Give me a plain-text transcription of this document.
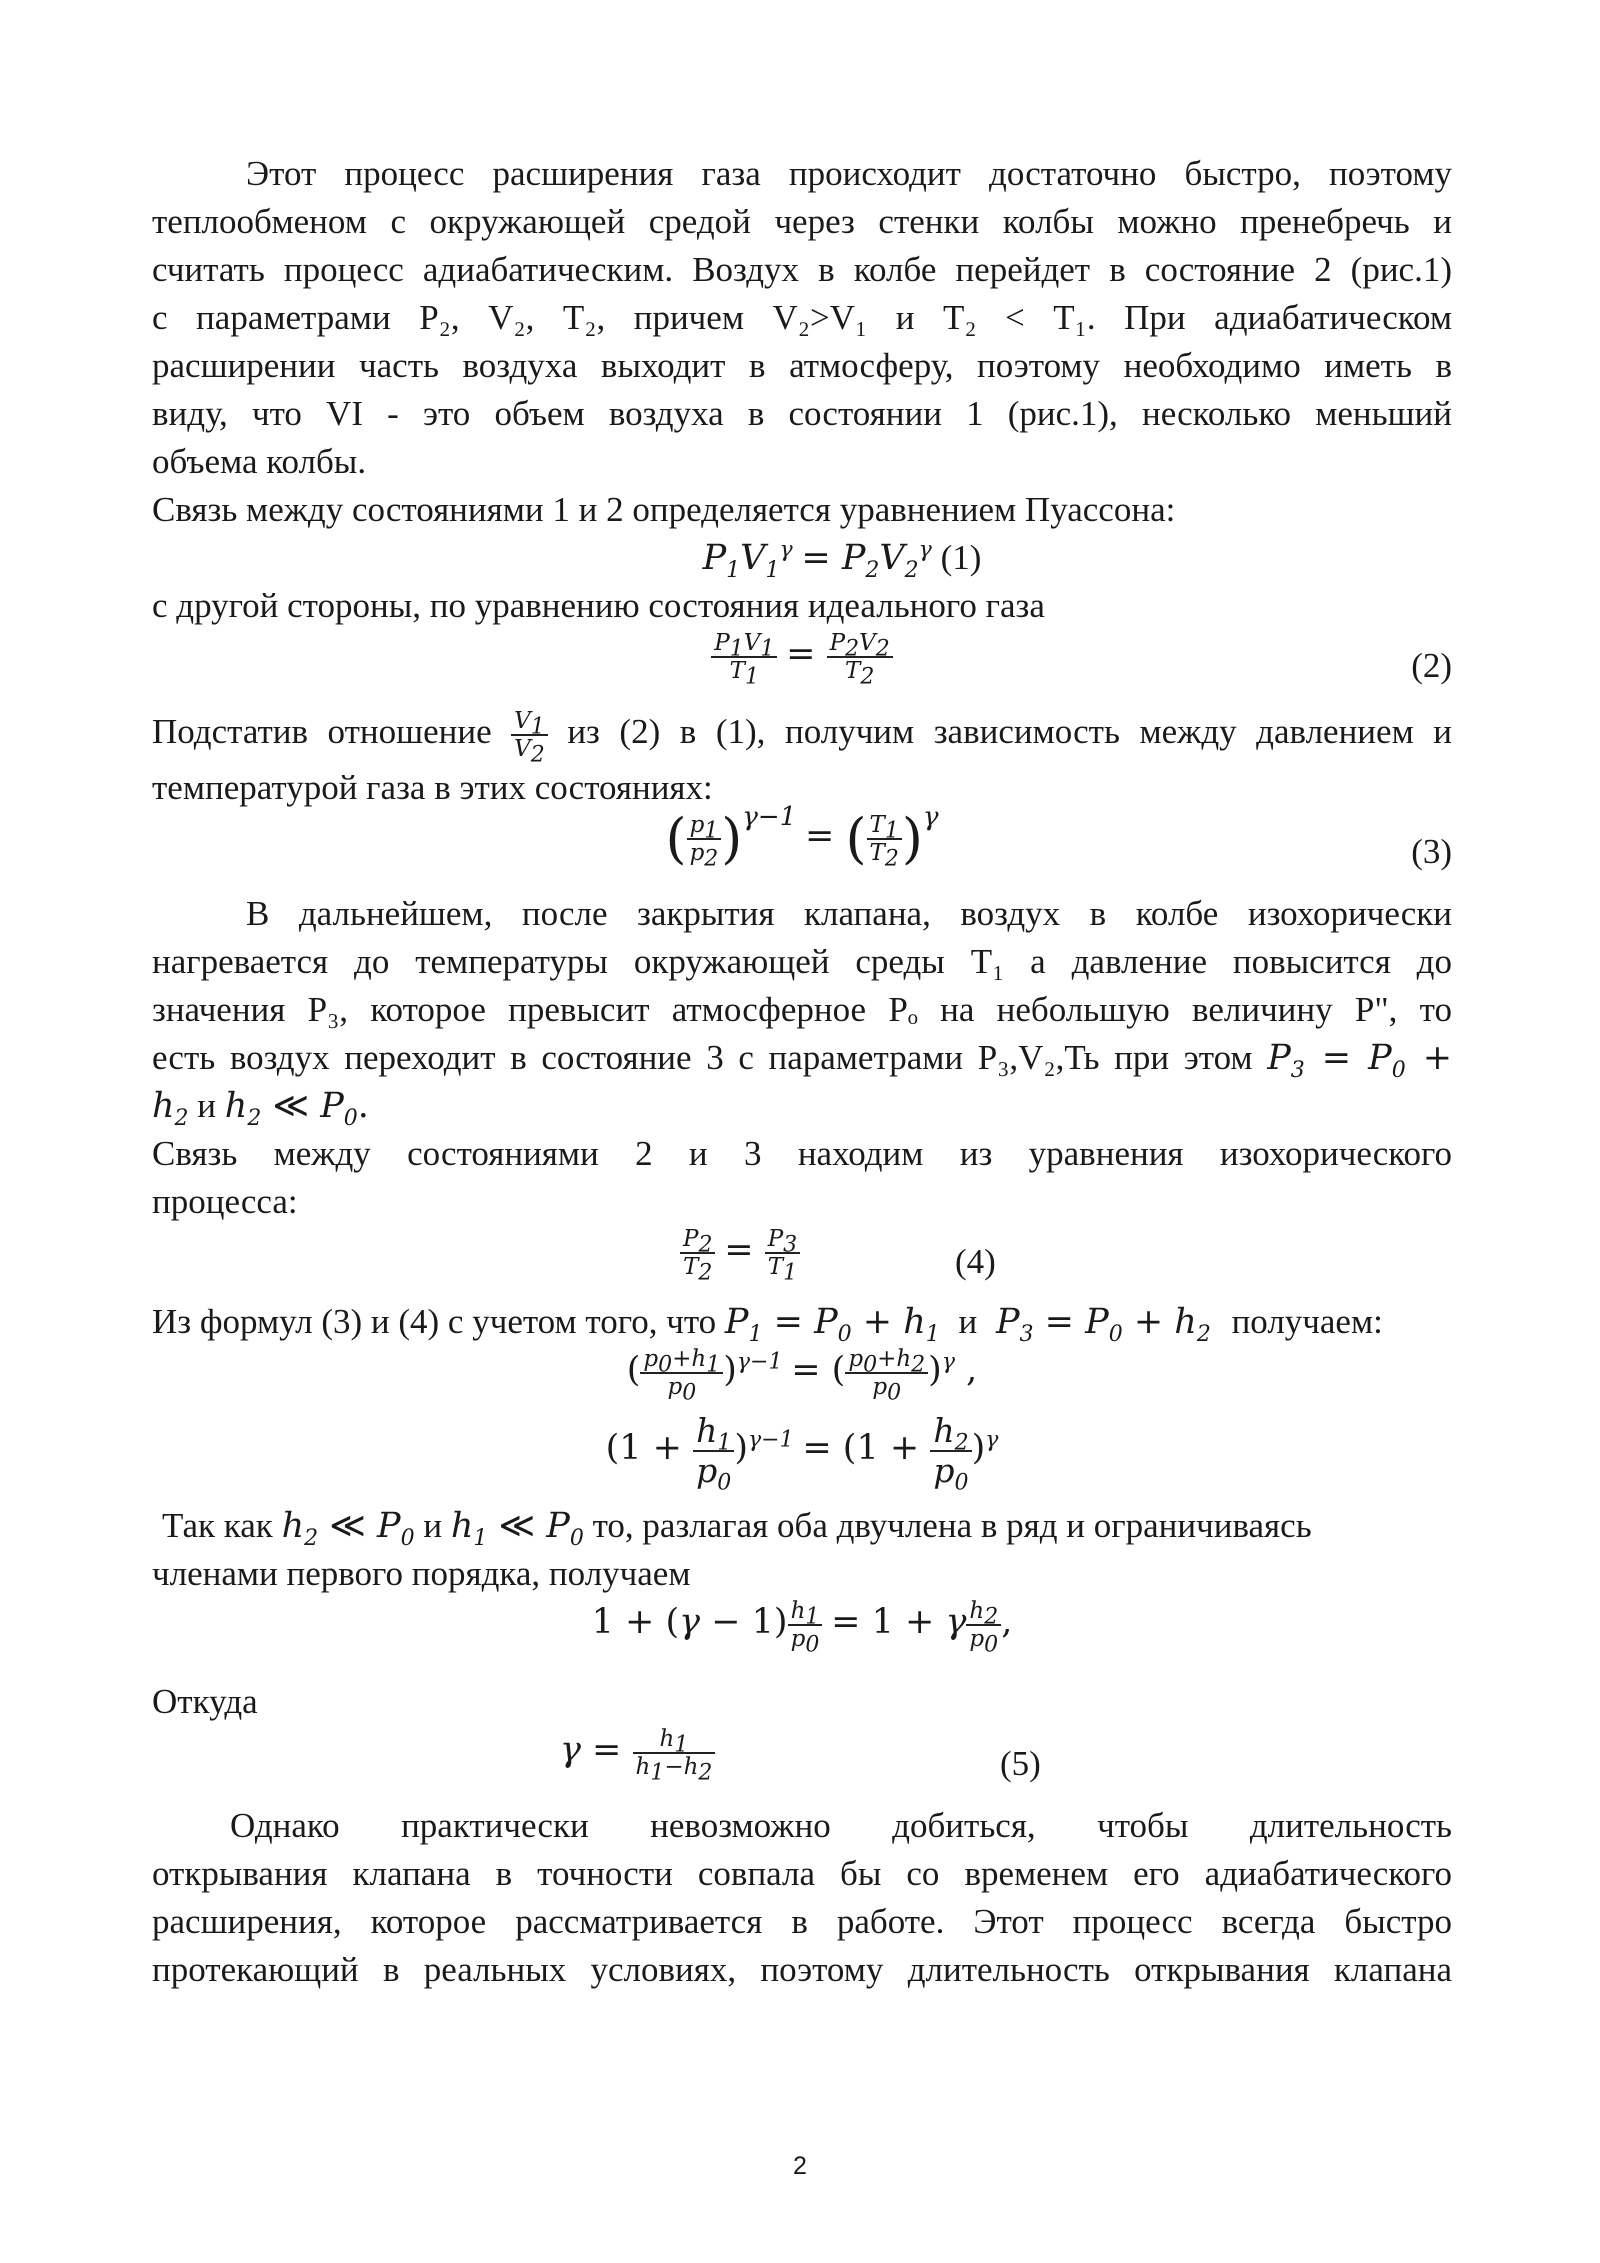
Этот процесс расширения газа происходит достаточно быстро, поэтому

теплообменом с окружающей средой через стенки колбы можно пренебречь и

считать процесс адиабатическим. Воздух в колбе перейдет в состояние 2 (рис.1)

с параметрами Р₂, V₂, Т₂, причем V₂>V₁ и Т₂ < Т₁. При адиабатическом

расширении часть воздуха выходит в атмосферу, поэтому необходимо иметь в

виду, что VI - это объем воздуха в состоянии 1 (рис.1), несколько меньший

объема колбы.

Связь между состояниями 1 и 2 определяется уравнением Пуассона:

$P_1V_1^\gamma = P_2V_2^\gamma$ (1)

с другой стороны, по уравнению состояния идеального газа

$\frac{P_1V_1}{T_1} = \frac{P_2V_2}{T_2}$	(2)

Подстатив отношение $\frac{V_1}{V_2}$ из (2) в (1), получим зависимость между давлением и

температурой газа в этих состояниях:

( $\frac{p_1}{p_2} )^{\gamma-1}$ = ( $\frac{T_1}{T_2} )^\gamma$
(3)

В дальнейшем, после закрытия клапана, воздух в колбе изохорически

нагревается до температуры окружающей среды Т₁ а давление повысится до

значения Р₃, которое превысит атмосферное Рₒ на небольшую величину Р", то

есть воздух переходит в состояние 3 с параметрами Р₃,V₂,Ть при этом $P_3 = P_0$ +

$h_2$ и $h_2$ ≪ $P_0$.

Связь между состояниями 2 и 3 находим из уравнения изохорического

процесса:

$\frac{P_2}{T_2} = \frac{P_3}{T_1}$	(4)

Из формул (3) и (4) с учетом того, что $P_1 = P_0 + h_1$ и $P_3 = P_0 + h_2$ получаем:

( $\frac{p_0+h_1}{p_0} )^{\gamma-1}$ = ( $\frac{p_0+h_2}{p_0} )^\gamma$ ,
$(1 + \frac{h_1}{p_0} )^{\gamma-1} = (1 + \frac{h_2}{p_0} )^\gamma$

Так как $h_2$ ≪ $P_0$ и $h_1$ ≪ $P_0$ то, разлагая оба двучлена в ряд и ограничиваясь

членами первого порядка, получаем

$1 + (\gamma - 1) \frac{h_1}{p_0} = 1 + \gamma \frac{h_2}{p_0}$ ,

Откуда

$\gamma = \frac{h_1}{h_1-h_2}$	(5)

Однако практически невозможно добиться, чтобы длительность

открывания клапана в точности совпала бы со временем его адиабатического

расширения, которое рассматривается в работе. Этот процесс всегда быстро

протекающий в реальных условиях, поэтому длительность открывания клапана

2
